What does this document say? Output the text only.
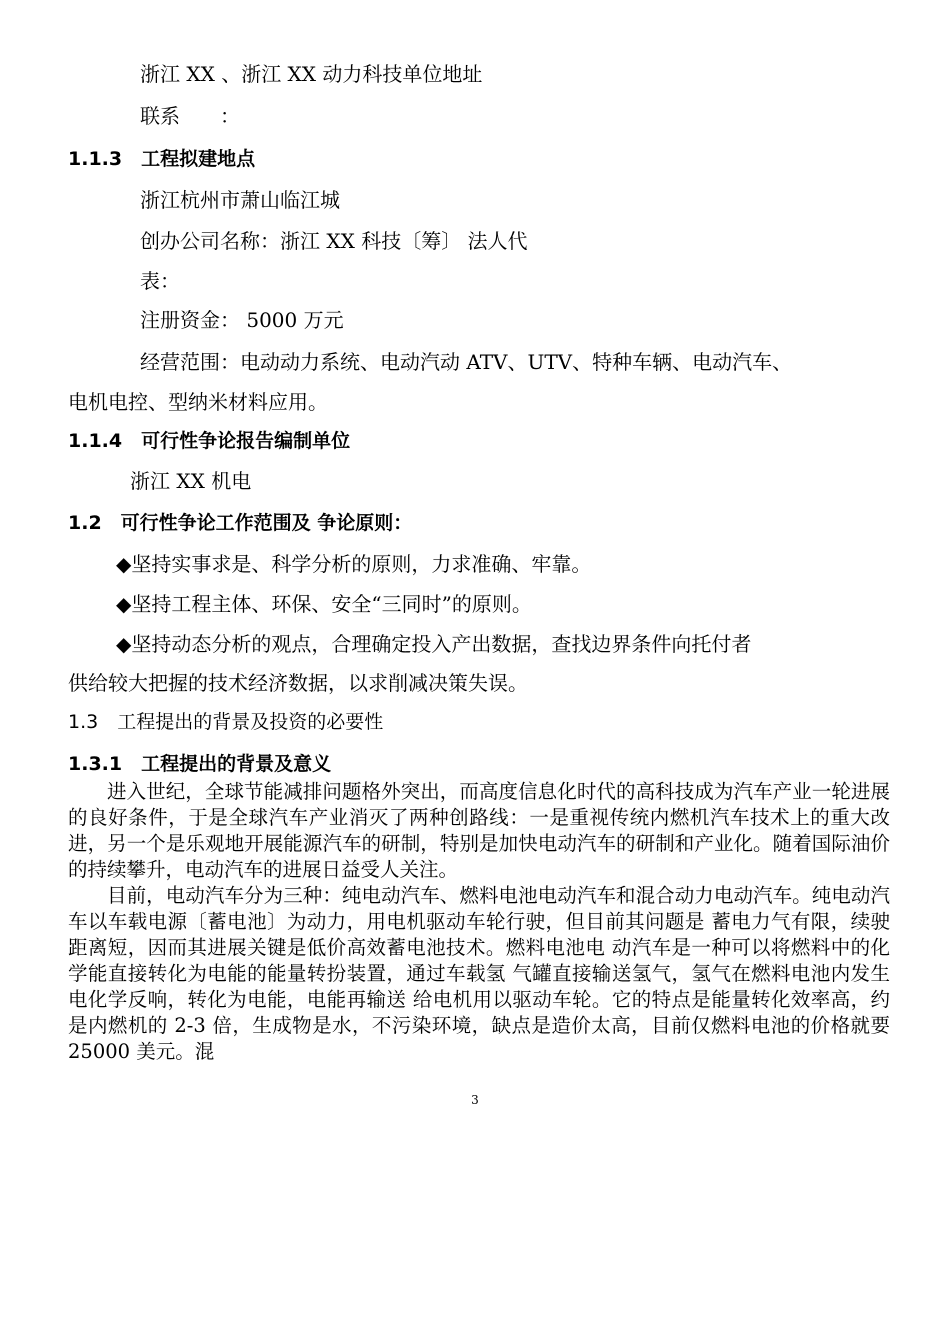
浙江 XX 、浙江 XX 动力科技单位地址
联系　　：
1.1.3　工程拟建地点
浙江杭州市萧山临江城
创办公司名称：浙江 XX 科技〔筹〕 法人代
表：
注册资金： 5000 万元
经营范围：电动动力系统、电动汽动 ATV、UTV、特种车辆、电动汽车、
电机电控、型纳米材料应用。
1.1.4　可行性争论报告编制单位
浙江 XX 机电
1.2　可行性争论工作范围及 争论原则：
◆坚持实事求是、科学分析的原则，力求准确、牢靠。
◆坚持工程主体、环保、安全“三同时”的原则。
◆坚持动态分析的观点，合理确定投入产出数据，查找边界条件向托付者
供给较大把握的技术经济数据，以求削减决策失误。
1.3　工程提出的背景及投资的必要性
1.3.1　工程提出的背景及意义

进入世纪，全球节能减排问题格外突出，而高度信息化时代的高科技成为汽车产业一轮进展的良好条件，于是全球汽车产业消灭了两种创路线：一是重视传统内燃机汽车技术上的重大改进，另一个是乐观地开展能源汽车的研制，特别是加快电动汽车的研制和产业化。随着国际油价的持续攀升，电动汽车的进展日益受人关注。

目前，电动汽车分为三种：纯电动汽车、燃料电池电动汽车和混合动力电动汽车。纯电动汽车以车载电源〔蓄电池〕为动力，用电机驱动车轮行驶，但目前其问题是 蓄电力气有限，续驶距离短，因而其进展关键是低价高效蓄电池技术。燃料电池电 动汽车是一种可以将燃料中的化学能直接转化为电能的能量转扮装置，通过车载氢 气罐直接输送氢气，氢气在燃料电池内发生电化学反响，转化为电能，电能再输送 给电机用以驱动车轮。它的特点是能量转化效率高，约是内燃机的 2-3 倍，生成物是水，不污染环境，缺点是造价太高，目前仅燃料电池的价格就要 25000 美元。混

3
